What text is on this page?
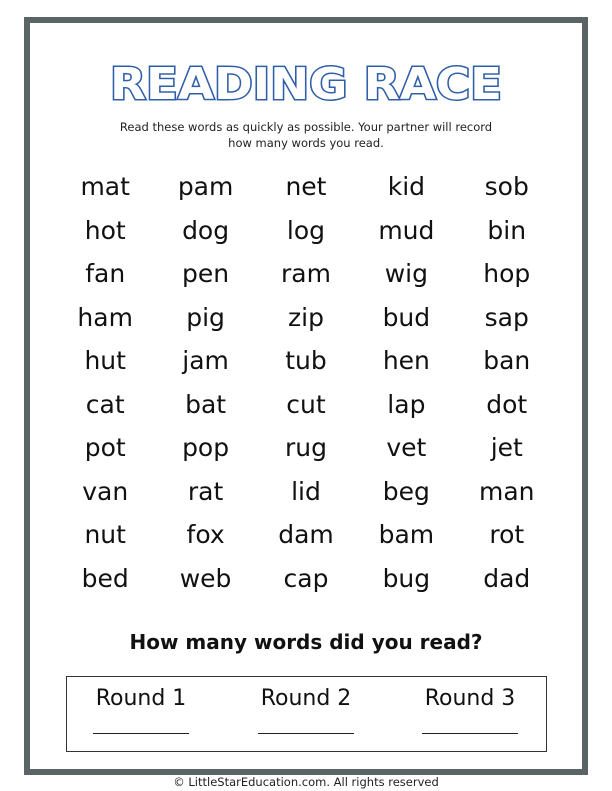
READING RACE
Read these words as quickly as possible. Your partner will record
how many words you read.
mat	pam	net	kid	sob
hot	dog	log	mud	bin
fan	pen	ram	wig	hop
ham	pig	zip	bud	sap
hut	jam	tub	hen	ban
cat	bat	cut	lap	dot
pot	pop	rug	vet	jet
van	rat	lid	beg	man
nut	fox	dam	bam	rot
bed	web	cap	bug	dad
How many words did you read?
Round 1	Round 2	Round 3
© LittleStarEducation.com. All rights reserved
